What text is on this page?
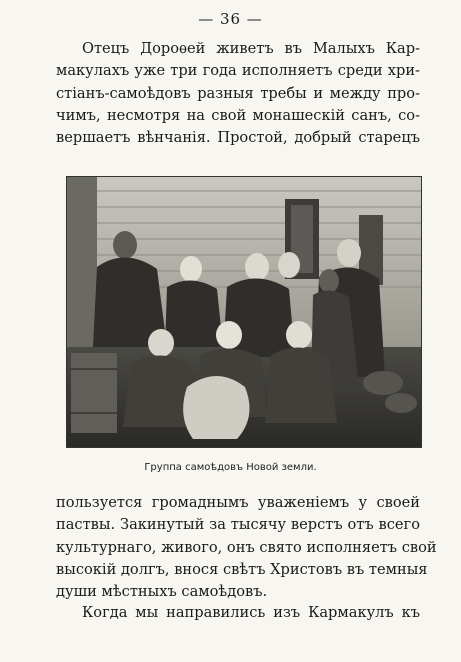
— 36 —

Отецъ Дороѳей живетъ въ Малыхъ Кар-
макулахъ уже три года исполняетъ среди хри-
стіанъ-самоѣдовъ разныя требы и между про-
чимъ, несмотря на свой монашескій санъ, со-
вершаетъ вѣнчанія. Простой, добрый старецъ

Группа самоѣдовъ Новой земли.

пользуется громаднымъ уваженіемъ у своей
паствы. Закинутый за тысячу верстъ отъ всего
культурнаго, живого, онъ свято исполняетъ свой
высокій долгъ, внося свѣтъ Христовъ въ темныя
души мѣстныхъ самоѣдовъ.

Когда мы направились изъ Кармакулъ къ
